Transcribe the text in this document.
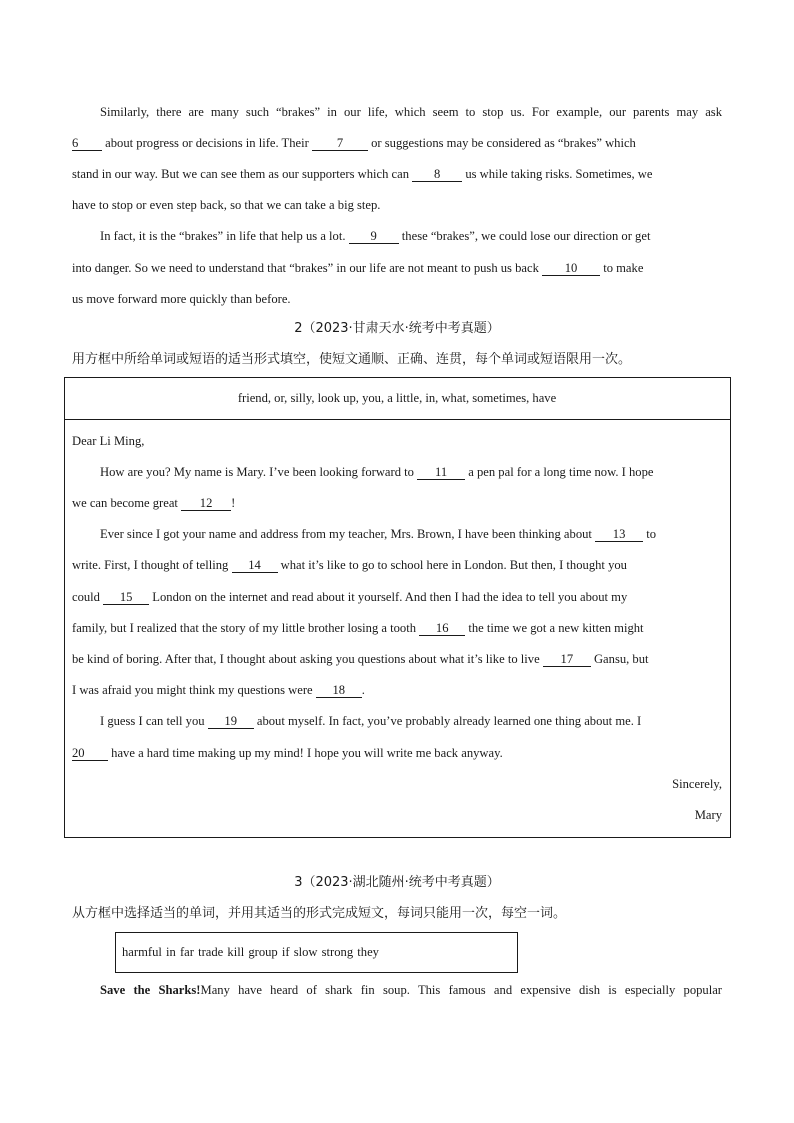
Similarly, there are many such “brakes” in our life, which seem to stop us. For example, our parents may ask
6 about progress or decisions in life. Their 7 or suggestions may be considered as “brakes” which
stand in our way. But we can see them as our supporters which can 8 us while taking risks. Sometimes, we
have to stop or even step back, so that we can take a big step.
In fact, it is the “brakes” in life that help us a lot. 9 these “brakes”, we could lose our direction or get
into danger. So we need to understand that “brakes” in our life are not meant to push us back 10 to make
us move forward more quickly than before.
2（2023·甘肃天水·统考中考真题）
用方框中所给单词或短语的适当形式填空，使短文通顺、正确、连贯，每个单词或短语限用一次。
friend, or, silly, look up, you, a little, in, what, sometimes, have
Dear Li Ming,
How are you? My name is Mary. I’ve been looking forward to 11 a pen pal for a long time now. I hope
we can become great 12 !
Ever since I got your name and address from my teacher, Mrs. Brown, I have been thinking about 13 to
write. First, I thought of telling 14 what it’s like to go to school here in London. But then, I thought you
could 15 London on the internet and read about it yourself. And then I had the idea to tell you about my
family, but I realized that the story of my little brother losing a tooth 16 the time we got a new kitten might
be kind of boring. After that, I thought about asking you questions about what it’s like to live 17 Gansu, but
I was afraid you might think my questions were 18 .
I guess I can tell you 19 about myself. In fact, you’ve probably already learned one thing about me. I
20 have a hard time making up my mind! I hope you will write me back anyway.
Sincerely,
Mary
3（2023·湖北随州·统考中考真题）
从方框中选择适当的单词，并用其适当的形式完成短文，每词只能用一次，每空一词。
harmful in far trade kill group if slow strong they
Save the Sharks!Many have heard of shark fin soup. This famous and expensive dish is especially popular
